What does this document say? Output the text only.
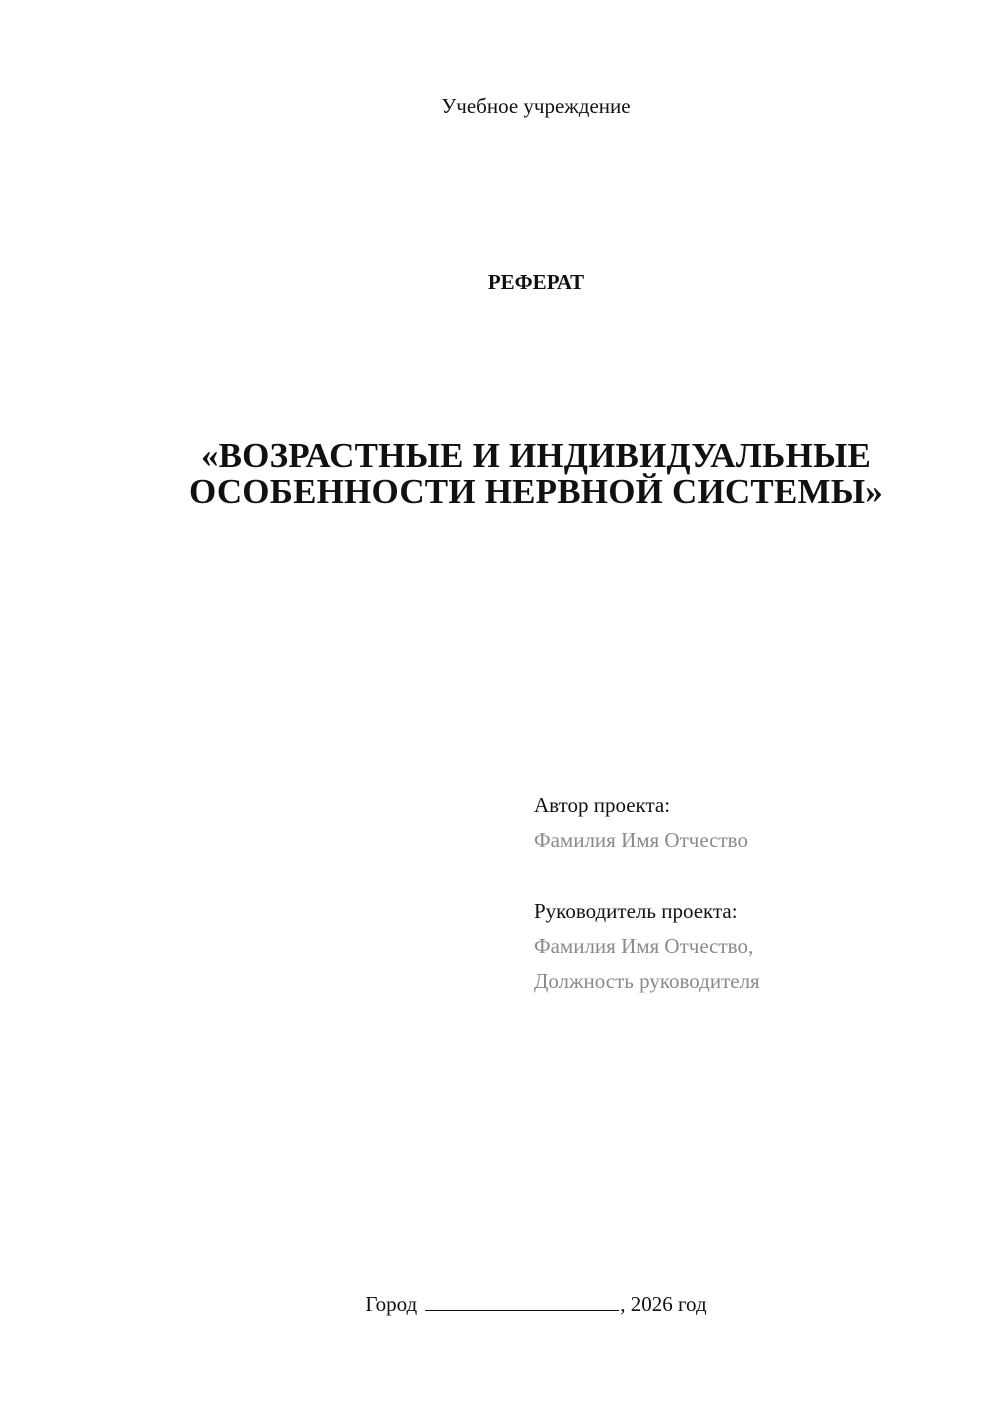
Учебное учреждение
РЕФЕРАТ
«ВОЗРАСТНЫЕ И ИНДИВИДУАЛЬНЫЕ
ОСОБЕННОСТИ НЕРВНОЙ СИСТЕМЫ»
Автор проекта:
Фамилия Имя Отчество
Руководитель проекта:
Фамилия Имя Отчество,
Должность руководителя
Город	, 2026 год
